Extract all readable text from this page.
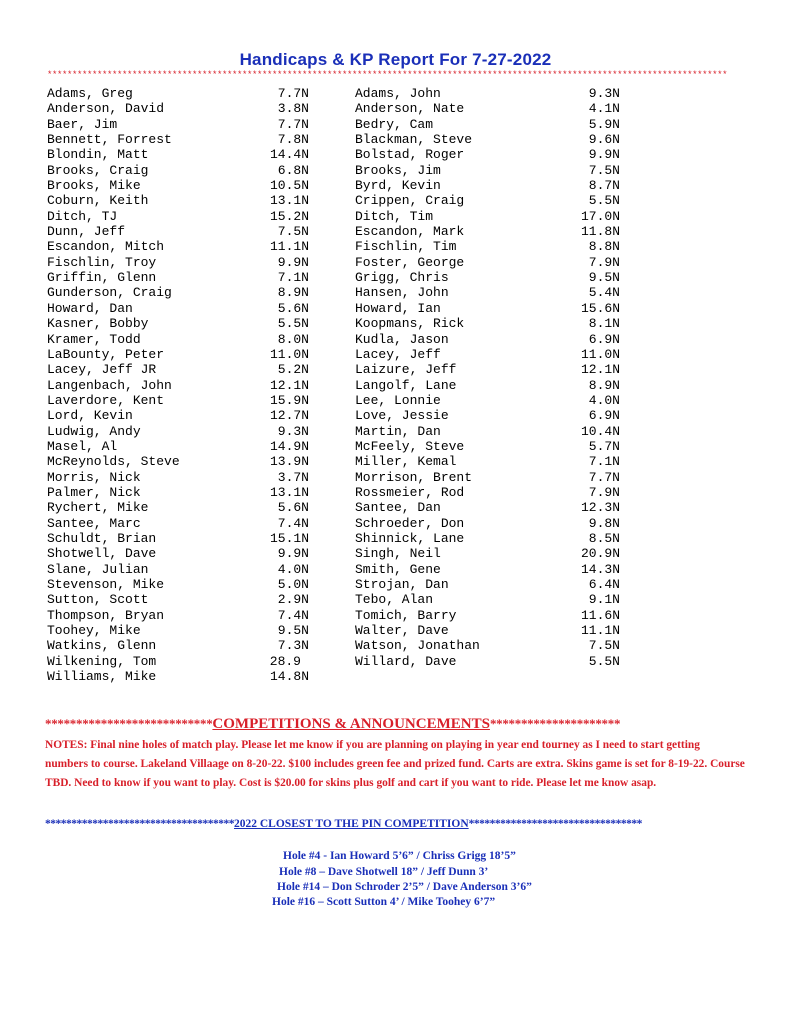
Handicaps & KP Report For 7-27-2022
****************************************************************************************************************************************
Adams, Greg	7.7N
Anderson, David	3.8N
Baer, Jim	7.7N
Bennett, Forrest	7.8N
Blondin, Matt	14.4N
Brooks, Craig	6.8N
Brooks, Mike	10.5N
Coburn, Keith	13.1N
Ditch, TJ	15.2N
Dunn, Jeff	7.5N
Escandon, Mitch	11.1N
Fischlin, Troy	9.9N
Griffin, Glenn	7.1N
Gunderson, Craig	8.9N
Howard, Dan	5.6N
Kasner, Bobby	5.5N
Kramer, Todd	8.0N
LaBounty, Peter	11.0N
Lacey, Jeff JR	5.2N
Langenbach, John	12.1N
Laverdore, Kent	15.9N
Lord, Kevin	12.7N
Ludwig, Andy	9.3N
Masel, Al	14.9N
McReynolds, Steve	13.9N
Morris, Nick	3.7N
Palmer, Nick	13.1N
Rychert, Mike	5.6N
Santee, Marc	7.4N
Schuldt, Brian	15.1N
Shotwell, Dave	9.9N
Slane, Julian	4.0N
Stevenson, Mike	5.0N
Sutton, Scott	2.9N
Thompson, Bryan	7.4N
Toohey, Mike	9.5N
Watkins, Glenn	7.3N
Wilkening, Tom	28.9
Williams, Mike	14.8N
Adams, John	9.3N
Anderson, Nate	4.1N
Bedry, Cam	5.9N
Blackman, Steve	9.6N
Bolstad, Roger	9.9N
Brooks, Jim	7.5N
Byrd, Kevin	8.7N
Crippen, Craig	5.5N
Ditch, Tim	17.0N
Escandon, Mark	11.8N
Fischlin, Tim	8.8N
Foster, George	7.9N
Grigg, Chris	9.5N
Hansen, John	5.4N
Howard, Ian	15.6N
Koopmans, Rick	8.1N
Kudla, Jason	6.9N
Lacey, Jeff	11.0N
Laizure, Jeff	12.1N
Langolf, Lane	8.9N
Lee, Lonnie	4.0N
Love, Jessie	6.9N
Martin, Dan	10.4N
McFeely, Steve	5.7N
Miller, Kemal	7.1N
Morrison, Brent	7.7N
Rossmeier, Rod	7.9N
Santee, Dan	12.3N
Schroeder, Don	9.8N
Shinnick, Lane	8.5N
Singh, Neil	20.9N
Smith, Gene	14.3N
Strojan, Dan	6.4N
Tebo, Alan	9.1N
Tomich, Barry	11.6N
Walter, Dave	11.1N
Watson, Jonathan	7.5N
Willard, Dave	5.5N
***************************COMPETITIONS & ANNOUNCEMENTS*********************
NOTES: Final nine holes of match play. Please let me know if you are planning on playing in year end tourney as I need to start getting numbers to course. Lakeland Villaage on 8-20-22. $100 includes green fee and prized fund. Carts are extra. Skins game is set for 8-19-22. Course TBD. Need to know if you want to play. Cost is $20.00 for skins plus golf and cart if you want to ride. Please let me know asap.
************************************2022 CLOSEST TO THE PIN COMPETITION*********************************
Hole #4 - Ian Howard 5’6” / Chriss Grigg 18’5”
Hole #8 – Dave Shotwell 18” / Jeff Dunn 3’
Hole #14 – Don Schroder 2’5” / Dave Anderson 3’6”
Hole #16 – Scott Sutton 4’ / Mike Toohey 6’7”
